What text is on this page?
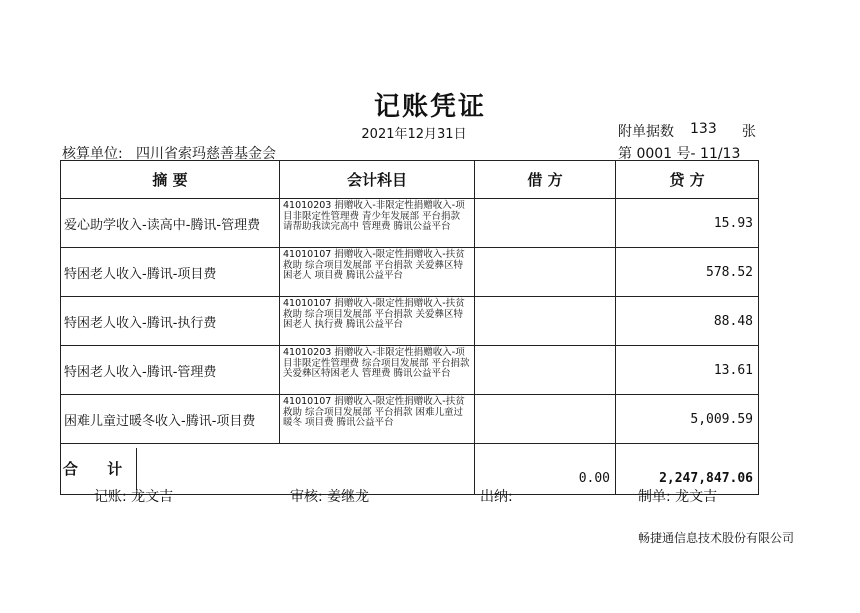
记账凭证
2021年12月31日	附单据数 133 张
核算单位: 四川省索玛慈善基金会	第 0001 号- 11/13
摘 要	会计科目	借 方	贷 方
爱心助学收入-读高中-腾讯-管理费	41010203 捐赠收入-非限定性捐赠收入-项目非限定性管理费 青少年发展部 平台捐款 请帮助我读完高中 管理费 腾讯公益平台		15.93
特困老人收入-腾讯-项目费	41010107 捐赠收入-限定性捐赠收入-扶贫救助 综合项目发展部 平台捐款 关爱彝区特困老人 项目费 腾讯公益平台		578.52
特困老人收入-腾讯-执行费	41010107 捐赠收入-限定性捐赠收入-扶贫救助 综合项目发展部 平台捐款 关爱彝区特困老人 执行费 腾讯公益平台		88.48
特困老人收入-腾讯-管理费	41010203 捐赠收入-非限定性捐赠收入-项目非限定性管理费 综合项目发展部 平台捐款 关爱彝区特困老人 管理费 腾讯公益平台		13.61
困难儿童过暖冬收入-腾讯-项目费	41010107 捐赠收入-限定性捐赠收入-扶贫救助 综合项目发展部 平台捐款 困难儿童过暖冬 项目费 腾讯公益平台		5,009.59

合 计		0.00	2,247,847.06
记账: 龙文吉	审核: 姜继龙	出纳:	制单: 龙文吉
畅捷通信息技术股份有限公司
